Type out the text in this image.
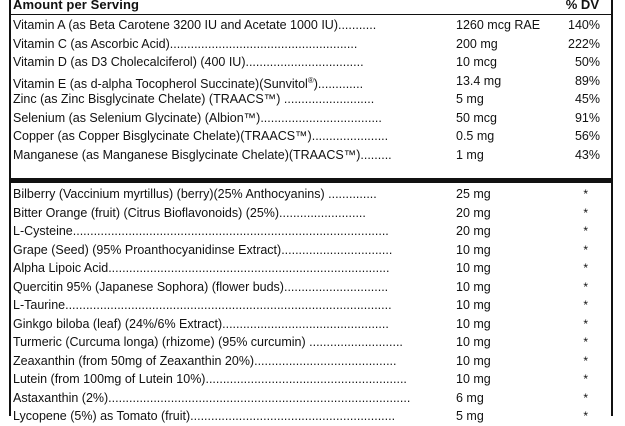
Amount per Serving	% DV
Vitamin A (as Beta Carotene 3200 IU and Acetate 1000 IU)...........	1260 mcg RAE 140%
Vitamin C (as Ascorbic Acid)......................................................	200 mg	222%
Vitamin D (as D3 Cholecalciferol) (400 IU)..................................	10 mcg	50%
Vitamin E (as d-alpha Tocopherol Succinate)(Sunvitol®).............	13.4 mg	89%
Zinc (as Zinc Bisglycinate Chelate) (TRAACS™) ..........................	5 mg	45%
Selenium (as Selenium Glycinate) (Albion™)...................................	50 mcg	91%
Copper (as Copper Bisglycinate Chelate)(TRAACS™)......................	0.5 mg	56%
Manganese (as Manganese Bisglycinate Chelate)(TRAACS™).........	1 mg	43%
Bilberry (Vaccinium myrtillus) (berry)(25% Anthocyanins) ..............	25 mg	*
Bitter Orange (fruit) (Citrus Bioflavonoids) (25%).........................	20 mg	*
L-Cysteine...........................................................................................	20 mg	*
Grape (Seed) (95% Proanthocyanidinse Extract)................................	10 mg	*
Alpha Lipoic Acid.................................................................................	10 mg	*
Quercitin 95% (Japanese Sophora) (flower buds)..............................	10 mg	*
L-Taurine..............................................................................................	10 mg	*
Ginkgo biloba (leaf) (24%/6% Extract)................................................	10 mg	*
Turmeric (Curcuma longa) (rhizome) (95% curcumin) ...........................	10 mg	*
Zeaxanthin (from 50mg of Zeaxanthin 20%).........................................	10 mg	*
Lutein (from 100mg of Lutein 10%)..........................................................	10 mg	*
Astaxanthin (2%).......................................................................................	6 mg	*
Lycopene (5%) as Tomato (fruit)...........................................................	5 mg	*
